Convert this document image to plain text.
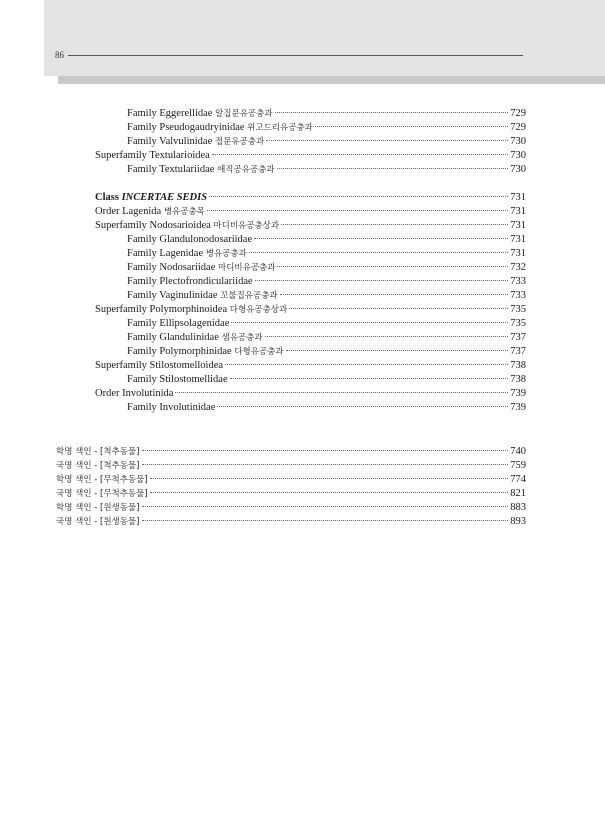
86
Family Eggerellidae 알집문유공충과	729
Family Pseudogaudryinidae 위고드리유공충과	729
Family Valvulinidae 접문유공충과	730
Superfamily Textularioidea	730
Family Textulariidae 애직공유공충과	730
Class INCERTAE SEDIS	731
Order Lagenida 병유공충목	731
Superfamily Nodosarioidea 마디비유공충상과	731
Family Glandulonodosariidae	731
Family Lagenidae 병유공충과	731
Family Nodosariidae 마디비유공충과	732
Family Plectofrondiculariidae	733
Family Vaginulinidae 꼬불집유공충과	733
Superfamily Polymorphinoidea 다형유공충상과	735
Family Ellipsolagenidae	735
Family Glandulinidae 샘유공충과	737
Family Polymorphinidae 다형유공충과	737
Superfamily Stilostomelloidea	738
Family Stilostomellidae	738
Order Involutinida	739
Family Involutinidae	739
학명 색인 - [척추동물]	740
국명 색인 - [척추동물]	759
학명 색인 - [무척추동물]	774
국명 색인 - [무척추동물]	821
학명 색인 - [원생동물]	883
국명 색인 - [원생동물]	893
